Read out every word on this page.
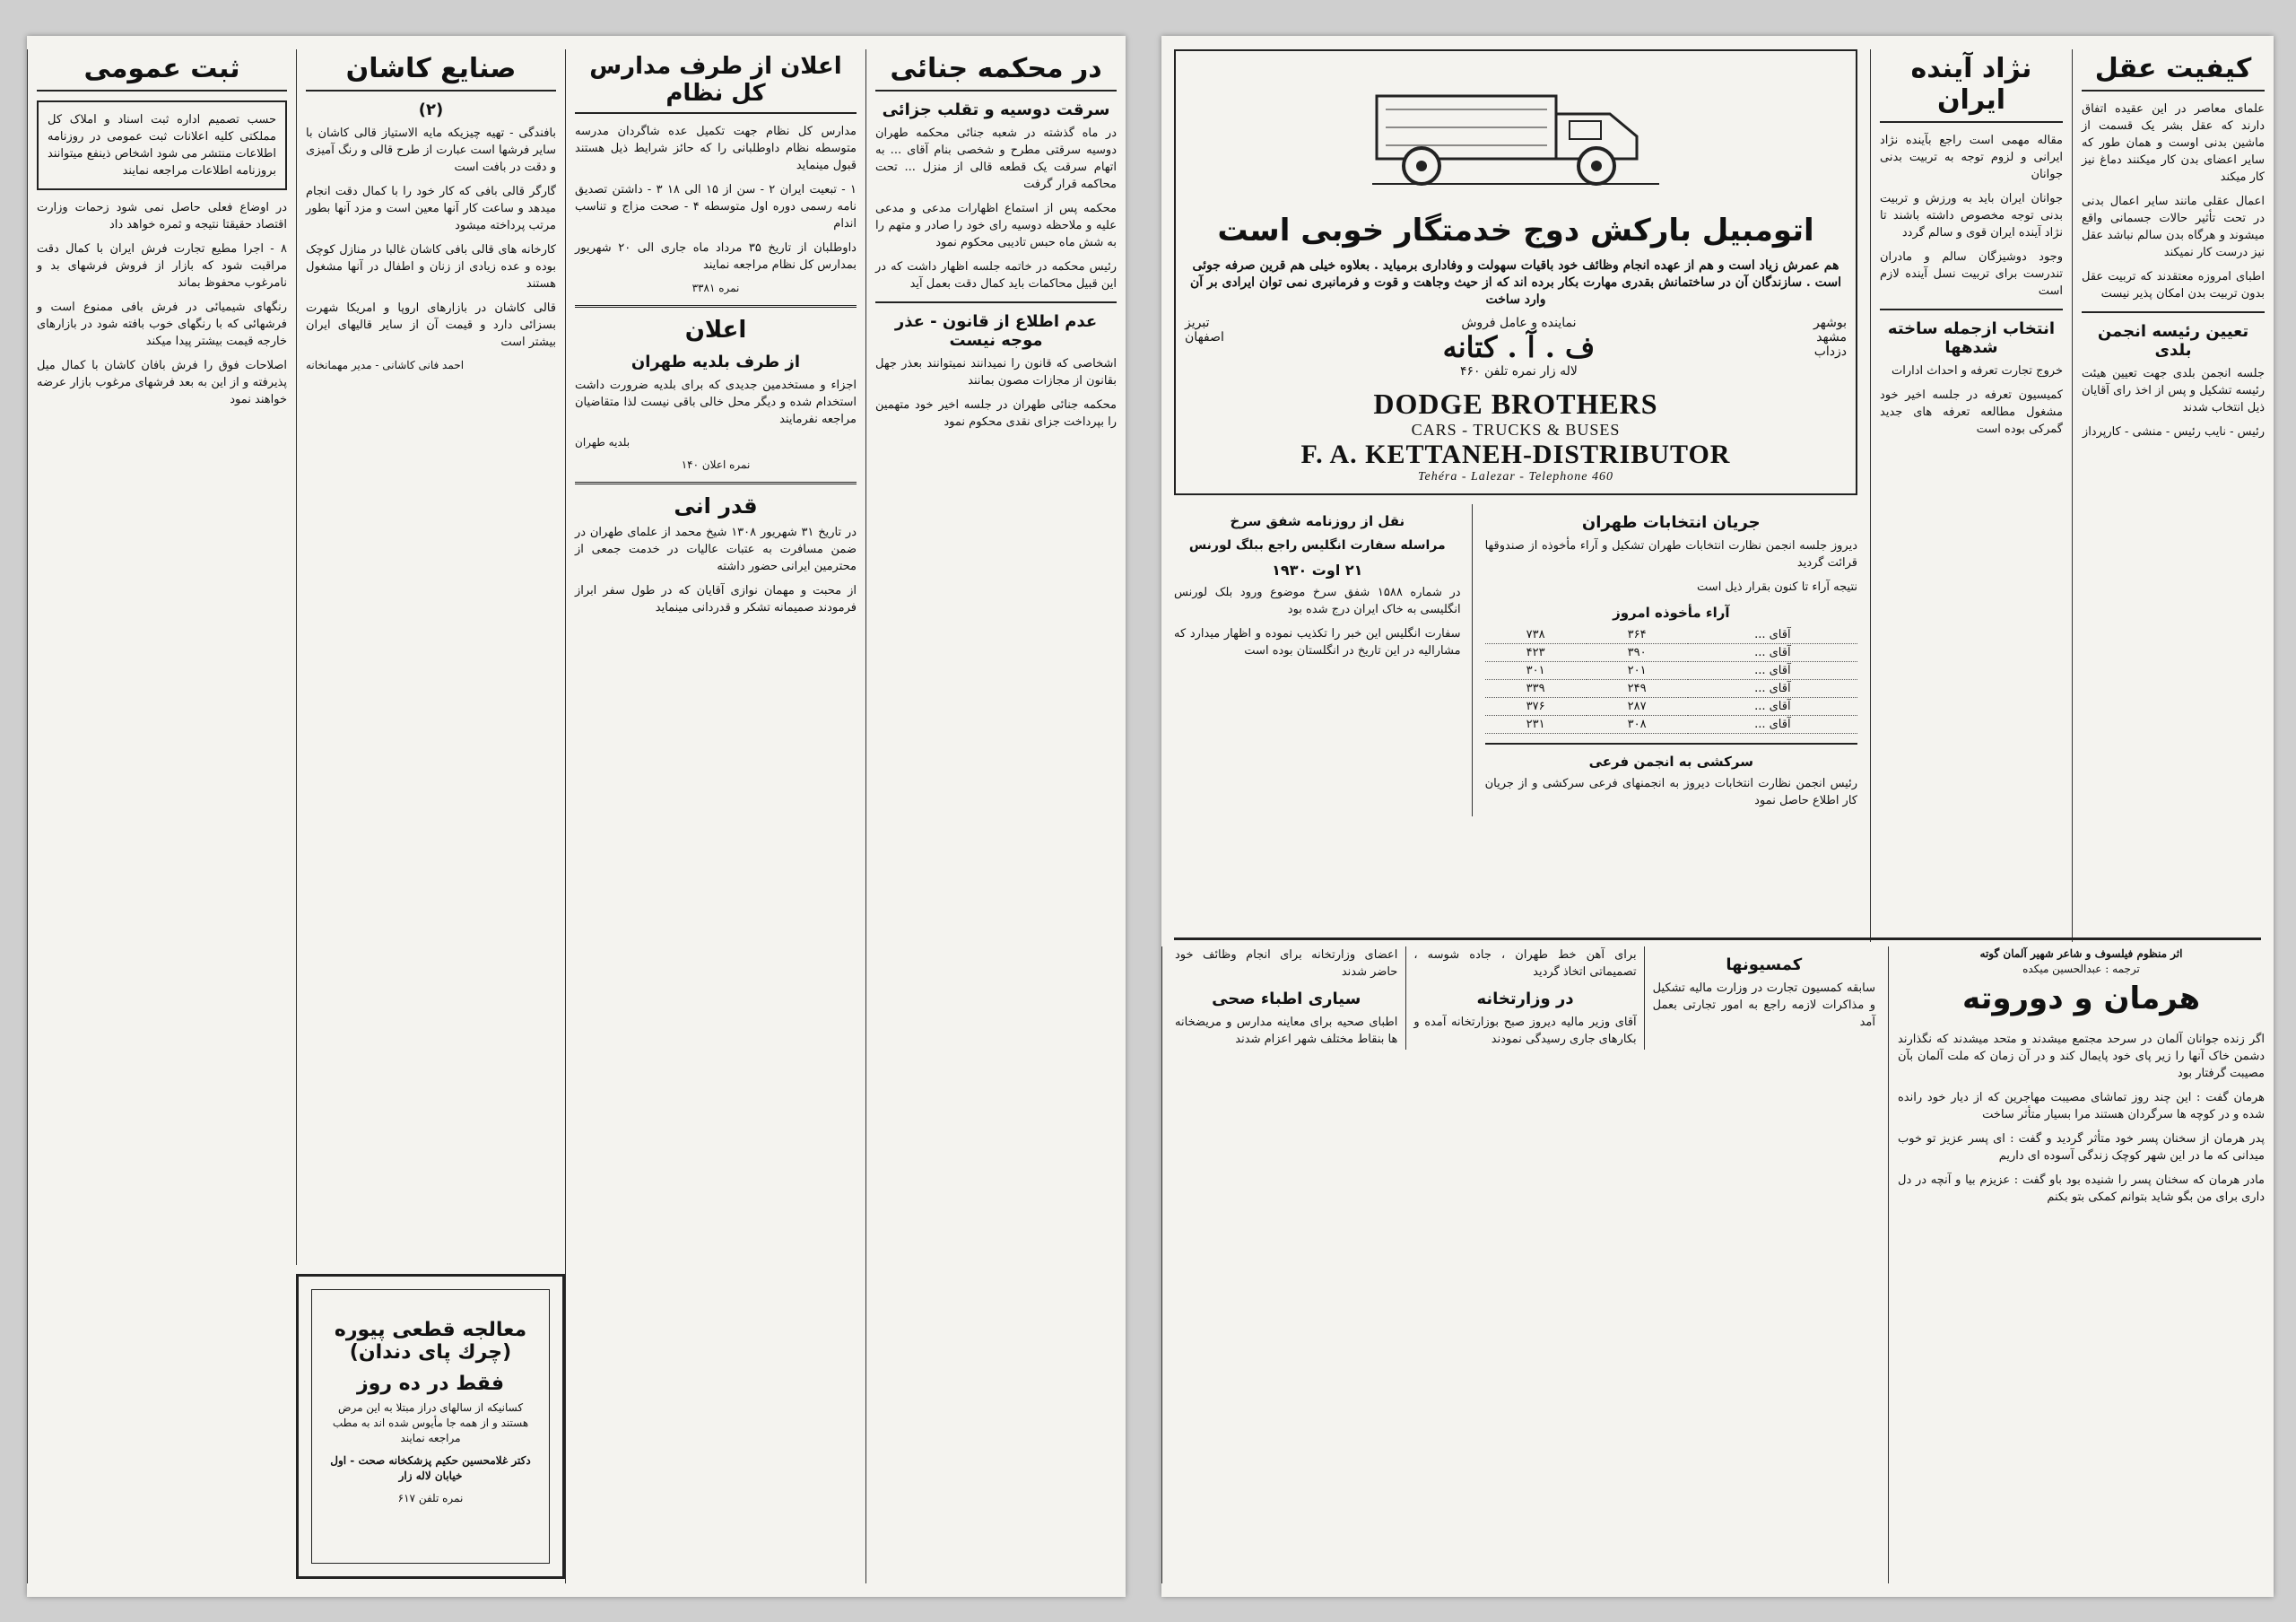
ثبت عمومی

حسب تصمیم اداره ثبت اسناد و املاک کل مملکتی کلیه اعلانات ثبت عمومی در روزنامه اطلاعات منتشر می شود اشخاص ذینفع میتوانند بروزنامه اطلاعات مراجعه نمایند

در اوضاع فعلی حاصل نمی شود زحمات وزارت اقتصاد حقیقتا نتیجه و ثمره خواهد داد

۸ - اجرا مطیع تجارت فرش ایران با کمال دقت مراقبت شود که بازار از فروش فرشهای بد و نامرغوب محفوظ بماند

رنگهای شیمیائی در فرش بافی ممنوع است و فرشهائی که با رنگهای خوب بافته شود در بازارهای خارجه قیمت بیشتر پیدا میکند

اصلاحات فوق را فرش بافان کاشان با کمال میل پذیرفته و از این به بعد فرشهای مرغوب بازار عرضه خواهند نمود

صنایع کاشان
(۲)

بافندگی - تهیه چیزیکه مایه الاستیاز قالی کاشان با سایر فرشها است عبارت از طرح قالی و رنگ آمیزی و دقت در بافت است

گارگر قالی بافی که کار خود را با کمال دقت انجام میدهد و ساعت کار آنها معین است و مزد آنها بطور مرتب پرداخته میشود

کارخانه های قالی بافی کاشان غالبا در منازل کوچک بوده و عده زیادی از زنان و اطفال در آنها مشغول هستند

قالی کاشان در بازارهای اروپا و امریکا شهرت بسزائی دارد و قیمت آن از سایر قالیهای ایران بیشتر است

احمد فانی کاشانی - مدیر مهمانخانه

اعلان از طرف مدارس کل نظام

مدارس کل نظام جهت تکمیل عده شاگردان مدرسه متوسطه نظام داوطلبانی را که حائز شرایط ذیل هستند قبول مینماید

۱ - تبعیت ایران ۲ - سن از ۱۵ الی ۱۸ ۳ - داشتن تصدیق نامه رسمی دوره اول متوسطه ۴ - صحت مزاج و تناسب اندام

داوطلبان از تاریخ ۳۵ مرداد ماه جاری الی ۲۰ شهریور بمدارس کل نظام مراجعه نمایند

نمره ۳۳۸۱

اعلان
از طرف بلدیه طهران

اجزاء و مستخدمین جدیدی که برای بلدیه ضرورت داشت استخدام شده و دیگر محل خالی باقی نیست لذا متقاضیان مراجعه نفرمایند

بلدیه طهران

نمره اعلان ۱۴۰

قدر انی

در تاریخ ۳۱ شهریور ۱۳۰۸ شیخ محمد از علمای طهران در ضمن مسافرت به عتبات عالیات در خدمت جمعی از محترمین ایرانی حضور داشته

از محبت و مهمان نوازی آقایان که در طول سفر ابراز فرمودند صمیمانه تشکر و قدردانی مینماید

در محکمه جنائی
سرقت دوسیه و تقلب جزائی

در ماه گذشته در شعبه جنائی محکمه طهران دوسیه سرقتی مطرح و شخصی بنام آقای ... به اتهام سرقت یک قطعه قالی از منزل ... تحت محاکمه قرار گرفت

محکمه پس از استماع اظهارات مدعی و مدعی علیه و ملاحظه دوسیه رای خود را صادر و متهم را به شش ماه حبس تادیبی محکوم نمود

رئیس محکمه در خاتمه جلسه اظهار داشت که در این قبیل محاکمات باید کمال دقت بعمل آید

عدم اطلاع از قانون - عذر موجه نیست

اشخاصی که قانون را نمیدانند نمیتوانند بعذر جهل بقانون از مجازات مصون بمانند

محکمه جنائی طهران در جلسه اخیر خود متهمین را بپرداخت جزای نقدی محکوم نمود

معالجه قطعی پیوره (چرك پای دندان)
فقط در ده روز

کسانیکه از سالهای دراز مبتلا به این مرض هستند و از همه جا مأیوس شده اند به مطب مراجعه نمایند

دکتر غلامحسین حکیم پزشکخانه صحت - اول خیابان لاله زار

نمره تلفن ۶۱۷

کیفیت عقل

علمای معاصر در این عقیده اتفاق دارند که عقل بشر یک قسمت از ماشین بدنی اوست و همان طور که سایر اعضای بدن کار میکنند دماغ نیز کار میکند

اعمال عقلی مانند سایر اعمال بدنی در تحت تأثیر حالات جسمانی واقع میشوند و هرگاه بدن سالم نباشد عقل نیز درست کار نمیکند

اطبای امروزه معتقدند که تربیت عقل بدون تربیت بدن امکان پذیر نیست

تعیین رئیسه انجمن بلدی

جلسه انجمن بلدی جهت تعیین هیئت رئیسه تشکیل و پس از اخذ رای آقایان ذیل انتخاب شدند

رئیس - نایب رئیس - منشی - کارپرداز

نژاد آینده ایران

مقاله مهمی است راجع بآینده نژاد ایرانی و لزوم توجه به تربیت بدنی جوانان

جوانان ایران باید به ورزش و تربیت بدنی توجه مخصوص داشته باشند تا نژاد آینده ایران قوی و سالم گردد

وجود دوشیزگان سالم و مادران تندرست برای تربیت نسل آینده لازم است

انتخاب ازجمله ساخته شدهها

خروج تجارت تعرفه و احداث ادارات

کمیسیون تعرفه در جلسه اخیر خود مشغول مطالعه تعرفه های جدید گمرکی بوده است

اتومبیل بارکش دوج خدمتگار خوبی است

هم عمرش زیاد است و هم از عهده انجام وظائف خود باقیات سهولت و وفاداری برمیاید . بعلاوه خیلی هم قرین صرفه جوئی است . سازندگان آن در ساختمانش بقدری مهارت بکار برده اند که از حیث وجاهت و قوت و فرمانبری نمی توان ایرادی بر آن وارد ساخت

بوشهر
مشهد
دزداب
نماینده و عامل فروش
ف . آ . کتانه
لاله زار نمره تلفن ۴۶۰
تبریز
اصفهان
DODGE BROTHERS
CARS - TRUCKS & BUSES
F. A. KETTANEH-DISTRIBUTOR
Tehéra - Lalezar - Telephone 460
جریان انتخابات طهران

دیروز جلسه انجمن نظارت انتخابات طهران تشکیل و آراء مأخوذه از صندوقها قرائت گردید

نتیجه آراء تا کنون بقرار ذیل است

آراء مأخوذه امروز
آقای ...	۳۶۴	۷۳۸
آقای ...	۳۹۰	۴۲۳
آقای ...	۲۰۱	۳۰۱
آقای ...	۲۴۹	۳۳۹
آقای ...	۲۸۷	۳۷۶
آقای ...	۳۰۸	۲۳۱
سرکشی به انجمن فرعی

رئیس انجمن نظارت انتخابات دیروز به انجمنهای فرعی سرکشی و از جریان کار اطلاع حاصل نمود

نقل از روزنامه شفق سرخ
مراسله سفارت انگلیس راجع ببلگ لورنس
۲۱ اوت ۱۹۳۰

در شماره ۱۵۸۸ شفق سرخ موضوع ورود بلک لورنس انگلیسی به خاک ایران درج شده بود

سفارت انگلیس این خبر را تکذیب نموده و اظهار میدارد که مشارالیه در این تاریخ در انگلستان بوده است

اثر منظوم فیلسوف و شاعر شهیر آلمان گوته
ترجمه : عبدالحسین میکده
هرمان و دوروته

اگر زنده جوانان آلمان در سرحد مجتمع میشدند و متحد میشدند که نگذارند دشمن خاک آنها را زیر پای خود پایمال کند و در آن زمان که ملت آلمان بآن مصیبت گرفتار بود

هرمان گفت : این چند روز تماشای مصیبت مهاجرین که از دیار خود رانده شده و در کوچه ها سرگردان هستند مرا بسیار متأثر ساخت

پدر هرمان از سخنان پسر خود متأثر گردید و گفت : ای پسر عزیز تو خوب میدانی که ما در این شهر کوچک زندگی آسوده ای داریم

مادر هرمان که سخنان پسر را شنیده بود باو گفت : عزیزم بیا و آنچه در دل داری برای من بگو شاید بتوانم کمکی بتو بکنم

کمسیونها

سابقه کمسیون تجارت در وزارت مالیه تشکیل و مذاکرات لازمه راجع به امور تجارتی بعمل آمد

برای آهن خط طهران ، جاده شوسه ، تصمیماتی اتخاذ گردید

در وزارتخانه

آقای وزیر مالیه دیروز صبح بوزارتخانه آمده و بکارهای جاری رسیدگی نمودند

اعضای وزارتخانه برای انجام وظائف خود حاضر شدند

سیاری اطباء صحی

اطبای صحیه برای معاینه مدارس و مریضخانه ها بنقاط مختلف شهر اعزام شدند
